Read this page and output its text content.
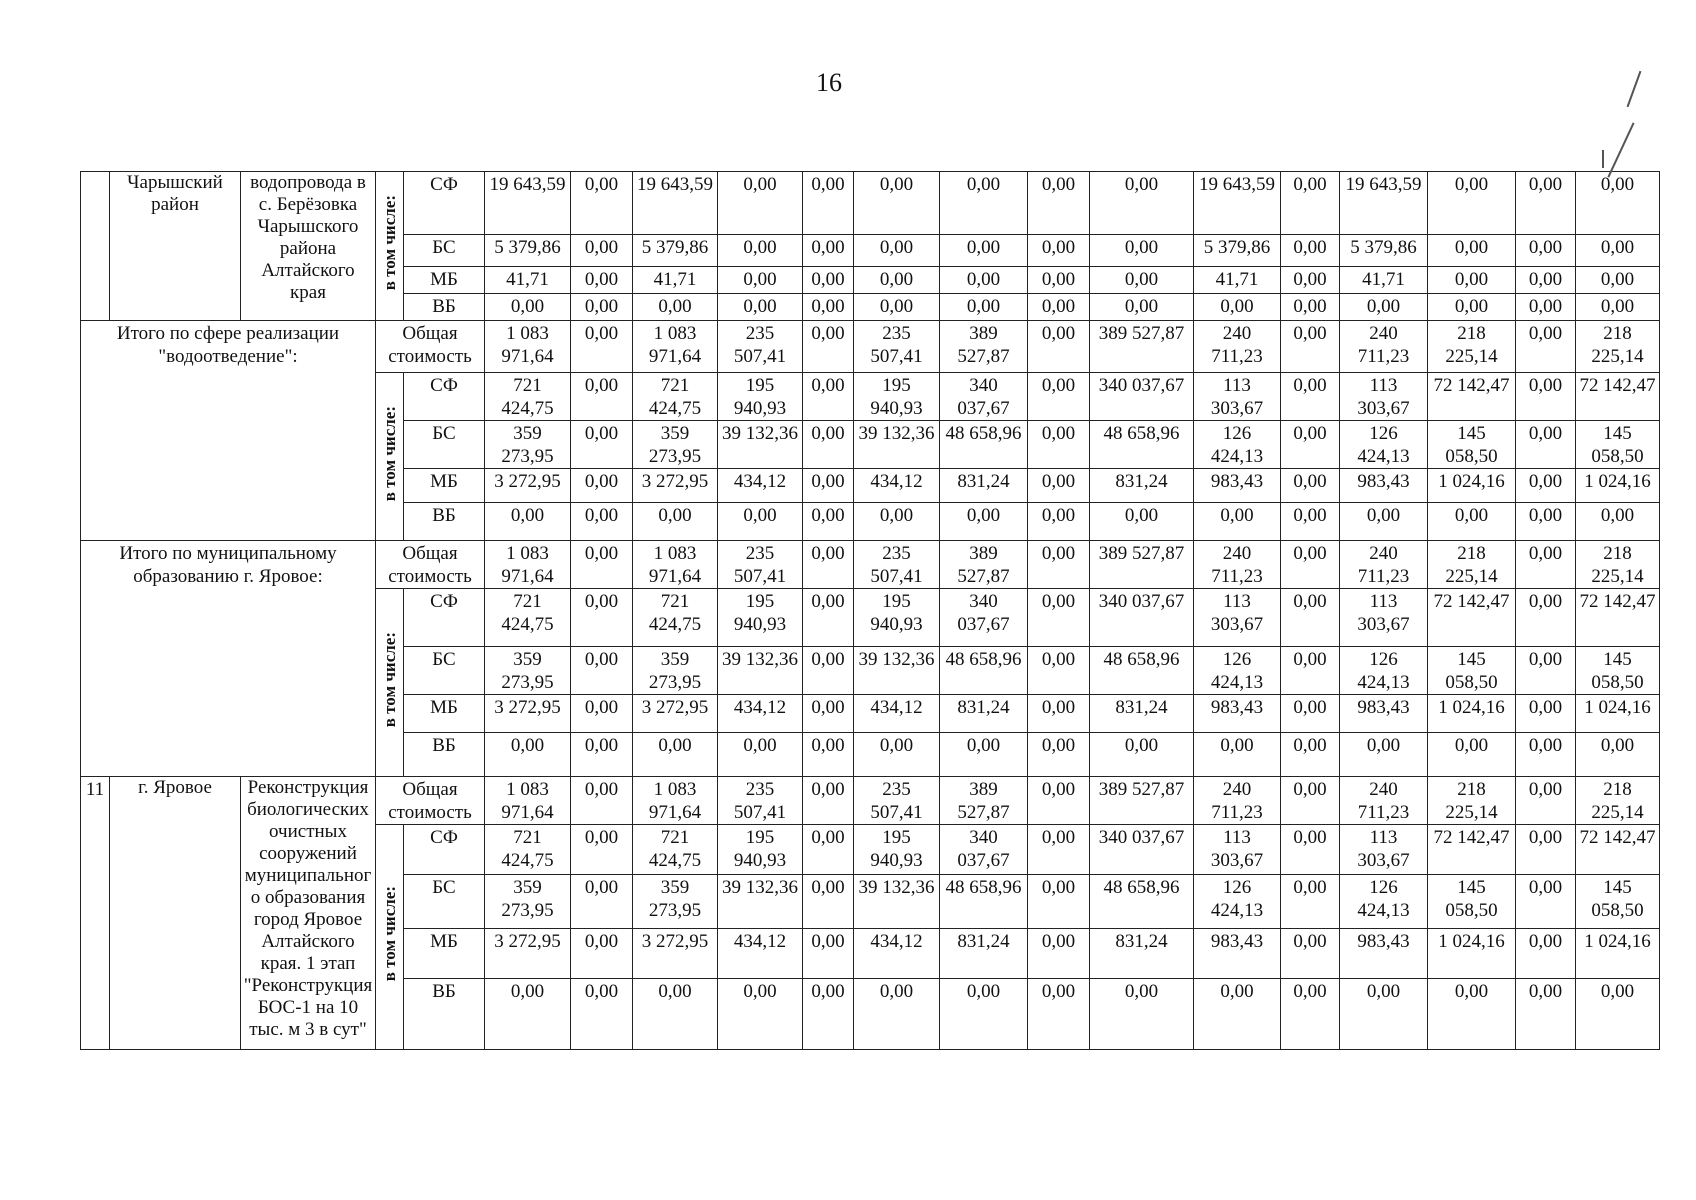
16
	Чарышский район	водопровода в с. Берёзовка Чарышского района Алтайского края	в том числе:	СФ	19 643,59	0,00	19 643,59	0,00	0,00	0,00	0,00	0,00	0,00	19 643,59	0,00	19 643,59	0,00	0,00	0,00
				БС	5 379,86	0,00	5 379,86	0,00	0,00	0,00	0,00	0,00	0,00	5 379,86	0,00	5 379,86	0,00	0,00	0,00
				МБ	41,71	0,00	41,71	0,00	0,00	0,00	0,00	0,00	0,00	41,71	0,00	41,71	0,00	0,00	0,00
				ВБ	0,00	0,00	0,00	0,00	0,00	0,00	0,00	0,00	0,00	0,00	0,00	0,00	0,00	0,00	0,00
Итого по сфере реализации "водоотведение":			Общая стоимость		1 083 971,64	0,00	1 083 971,64	235 507,41	0,00	235 507,41	389 527,87	0,00	389 527,87	240 711,23	0,00	240 711,23	218 225,14	0,00	218 225,14
			в том числе:	СФ	721 424,75	0,00	721 424,75	195 940,93	0,00	195 940,93	340 037,67	0,00	340 037,67	113 303,67	0,00	113 303,67	72 142,47	0,00	72 142,47
				БС	359 273,95	0,00	359 273,95	39 132,36	0,00	39 132,36	48 658,96	0,00	48 658,96	126 424,13	0,00	126 424,13	145 058,50	0,00	145 058,50
				МБ	3 272,95	0,00	3 272,95	434,12	0,00	434,12	831,24	0,00	831,24	983,43	0,00	983,43	1 024,16	0,00	1 024,16
				ВБ	0,00	0,00	0,00	0,00	0,00	0,00	0,00	0,00	0,00	0,00	0,00	0,00	0,00	0,00	0,00
Итого по муниципальному образованию г. Яровое:			Общая стоимость		1 083 971,64	0,00	1 083 971,64	235 507,41	0,00	235 507,41	389 527,87	0,00	389 527,87	240 711,23	0,00	240 711,23	218 225,14	0,00	218 225,14
			в том числе:	СФ	721 424,75	0,00	721 424,75	195 940,93	0,00	195 940,93	340 037,67	0,00	340 037,67	113 303,67	0,00	113 303,67	72 142,47	0,00	72 142,47
				БС	359 273,95	0,00	359 273,95	39 132,36	0,00	39 132,36	48 658,96	0,00	48 658,96	126 424,13	0,00	126 424,13	145 058,50	0,00	145 058,50
				МБ	3 272,95	0,00	3 272,95	434,12	0,00	434,12	831,24	0,00	831,24	983,43	0,00	983,43	1 024,16	0,00	1 024,16
				ВБ	0,00	0,00	0,00	0,00	0,00	0,00	0,00	0,00	0,00	0,00	0,00	0,00	0,00	0,00	0,00
11	г. Яровое	Реконструкция биологических очистных сооружений муниципального образования город Яровое Алтайского края. 1 этап "Реконструкция БОС-1 на 10 тыс. м 3 в сут"	Общая стоимость		1 083 971,64	0,00	1 083 971,64	235 507,41	0,00	235 507,41	389 527,87	0,00	389 527,87	240 711,23	0,00	240 711,23	218 225,14	0,00	218 225,14
			в том числе:	СФ	721 424,75	0,00	721 424,75	195 940,93	0,00	195 940,93	340 037,67	0,00	340 037,67	113 303,67	0,00	113 303,67	72 142,47	0,00	72 142,47
				БС	359 273,95	0,00	359 273,95	39 132,36	0,00	39 132,36	48 658,96	0,00	48 658,96	126 424,13	0,00	126 424,13	145 058,50	0,00	145 058,50
				МБ	3 272,95	0,00	3 272,95	434,12	0,00	434,12	831,24	0,00	831,24	983,43	0,00	983,43	1 024,16	0,00	1 024,16
				ВБ	0,00	0,00	0,00	0,00	0,00	0,00	0,00	0,00	0,00	0,00	0,00	0,00	0,00	0,00	0,00
